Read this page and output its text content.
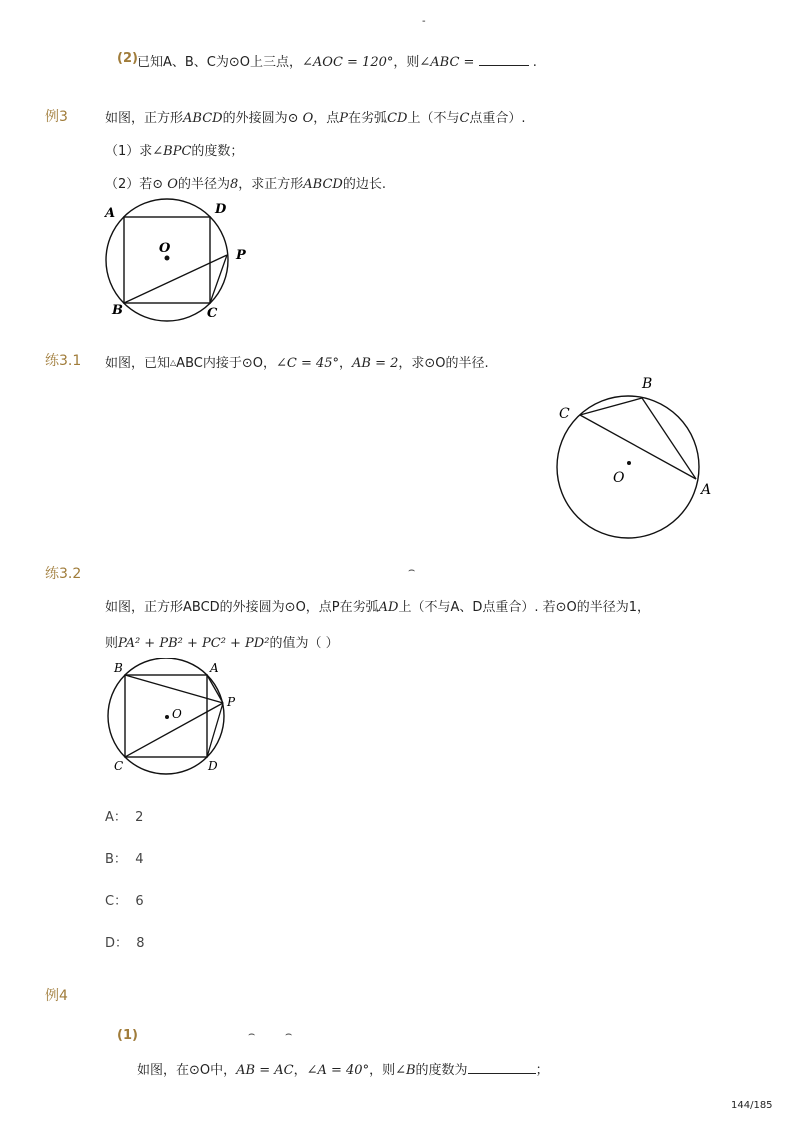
-
(2) 已知A、B、C为⊙O上三点，∠AOC = 120°，则∠ABC =	.
例3	如图，正方形ABCD的外接圆为⊙ O，点P在劣弧CD上（不与C点重合）.
（1）求∠BPC的度数；
（2）若⊙ O的半径为8，求正方形ABCD的边长.
A	D
O	P
B	C
练3.1 如图，已知△ABC内接于⊙O，∠C = 45°，AB = 2，求⊙O的半径.
C
B
O
A
练3.2	⌢
如图，正方形ABCD的外接圆为⊙O，点P在劣弧AD上（不与A、D点重合）. 若⊙O的半径为1，
则PA² + PB² + PC² + PD²的值为（ ）
B	A
O
P
C	D
A：  2
B：  4
C：  6
D：  8
例4
(1)	⌢	⌢
如图，在⊙O中，AB = AC，∠A = 40°，则∠B的度数为	；
144/185
